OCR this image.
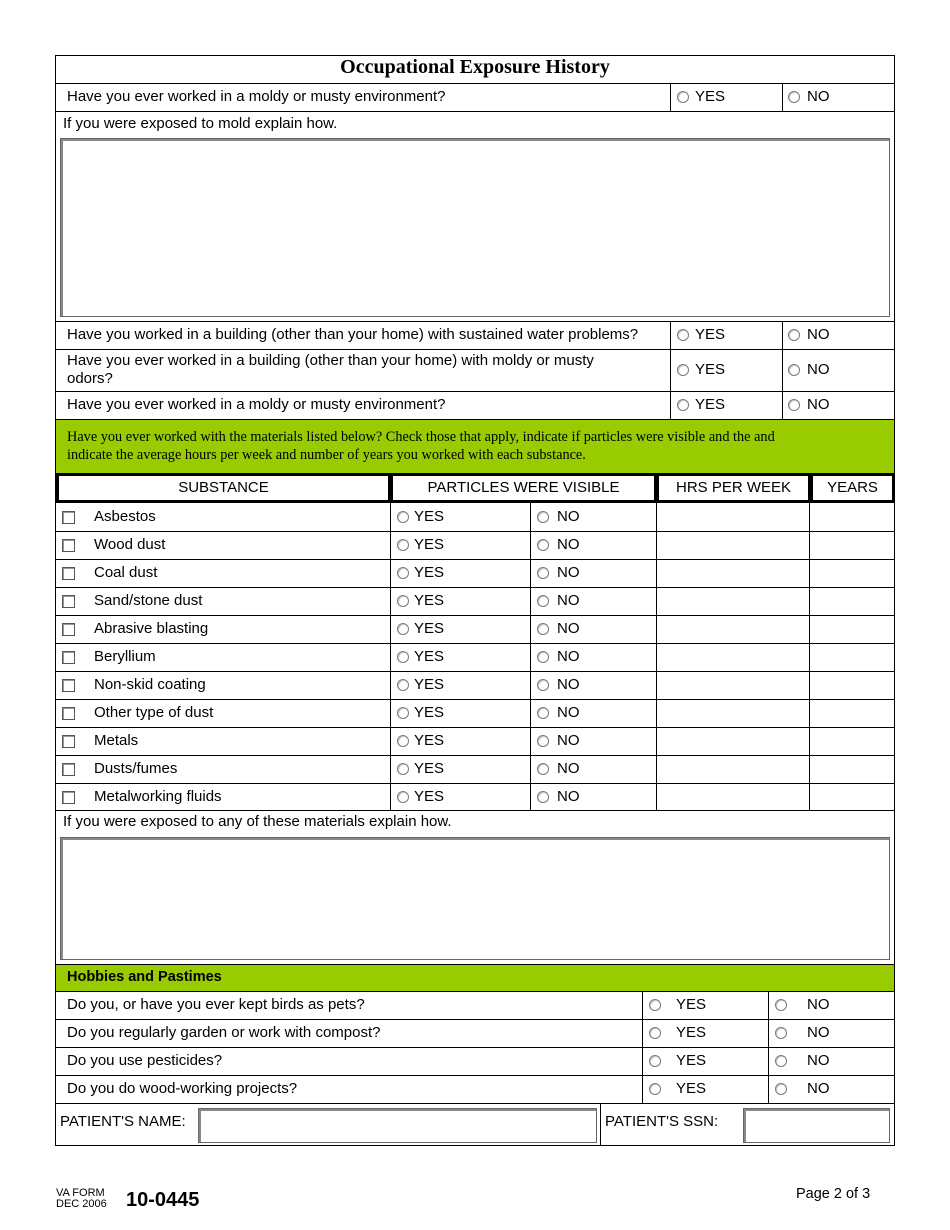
Occupational Exposure History
Have you ever worked in a moldy or musty environment?	YES	NO
If you were exposed to mold explain how.
Have you worked in a building (other than your home) with sustained water problems?	YES	NO
Have you ever worked in a building (other than your home) with moldy or musty
odors?
YES	NO
Have you ever worked in a moldy or musty environment?	YES	NO
Have you ever worked with the materials listed below? Check those that apply, indicate if particles were visible and the and
indicate the average hours per week and number of years you worked with each substance.
SUBSTANCE	PARTICLES WERE VISIBLE	HRS PER WEEK	YEARS
Asbestos	YES	NO
Wood dust	YES	NO
Coal dust	YES	NO
Sand/stone dust	YES	NO
Abrasive blasting	YES	NO
Beryllium	YES	NO
Non-skid coating	YES	NO
Other type of dust	YES	NO
Metals	YES	NO
Dusts/fumes	YES	NO
Metalworking fluids	YES	NO
If you were exposed to any of these materials explain how.
Hobbies and Pastimes
Do you, or have you ever kept birds as pets?	YES	NO
Do you regularly garden or work with compost?	YES	NO
Do you use pesticides?	YES	NO
Do you do wood-working projects?	YES	NO
PATIENT'S NAME:	PATIENT'S SSN:
VA FORM
DEC 2006 10-0445	Page 2 of 3
